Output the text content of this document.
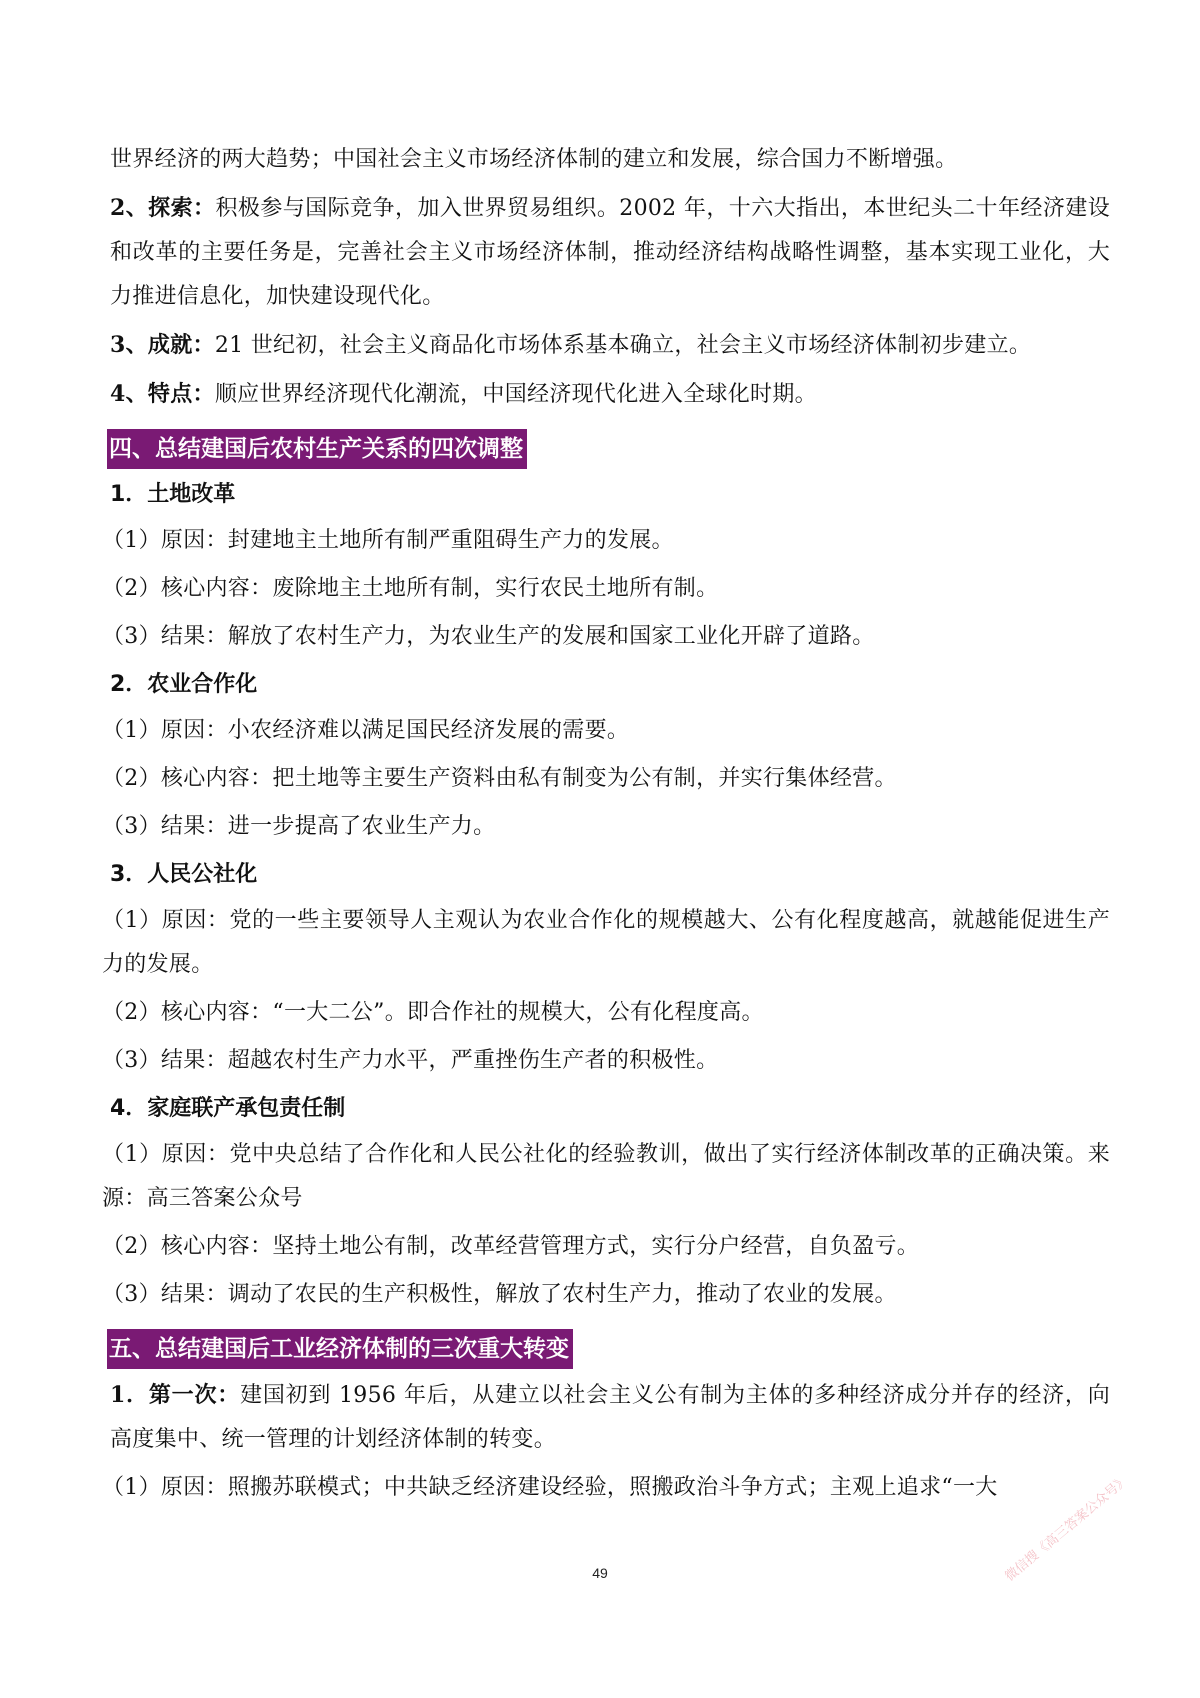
世界经济的两大趋势；中国社会主义市场经济体制的建立和发展，综合国力不断增强。

2、探索：积极参与国际竞争，加入世界贸易组织。2002 年，十六大指出，本世纪头二十年经济建设和改革的主要任务是，完善社会主义市场经济体制，推动经济结构战略性调整，基本实现工业化，大力推进信息化，加快建设现代化。

3、成就：21 世纪初，社会主义商品化市场体系基本确立，社会主义市场经济体制初步建立。

4、特点：顺应世界经济现代化潮流，中国经济现代化进入全球化时期。

四、总结建国后农村生产关系的四次调整
1．土地改革

（1）原因：封建地主土地所有制严重阻碍生产力的发展。

（2）核心内容：废除地主土地所有制，实行农民土地所有制。

（3）结果：解放了农村生产力，为农业生产的发展和国家工业化开辟了道路。

2．农业合作化

（1）原因：小农经济难以满足国民经济发展的需要。

（2）核心内容：把土地等主要生产资料由私有制变为公有制，并实行集体经营。

（3）结果：进一步提高了农业生产力。

3．人民公社化

（1）原因：党的一些主要领导人主观认为农业合作化的规模越大、公有化程度越高，就越能促进生产力的发展。

（2）核心内容：“一大二公”。即合作社的规模大，公有化程度高。

（3）结果：超越农村生产力水平，严重挫伤生产者的积极性。

4．家庭联产承包责任制

（1）原因：党中央总结了合作化和人民公社化的经验教训，做出了实行经济体制改革的正确决策。来源：高三答案公众号

（2）核心内容：坚持土地公有制，改革经营管理方式，实行分户经营，自负盈亏。

（3）结果：调动了农民的生产积极性，解放了农村生产力，推动了农业的发展。

五、总结建国后工业经济体制的三次重大转变

1．第一次：建国初到 1956 年后，从建立以社会主义公有制为主体的多种经济成分并存的经济，向高度集中、统一管理的计划经济体制的转变。

（1）原因：照搬苏联模式；中共缺乏经济建设经验，照搬政治斗争方式；主观上追求“一大

49	微信搜《高三答案公众号》
